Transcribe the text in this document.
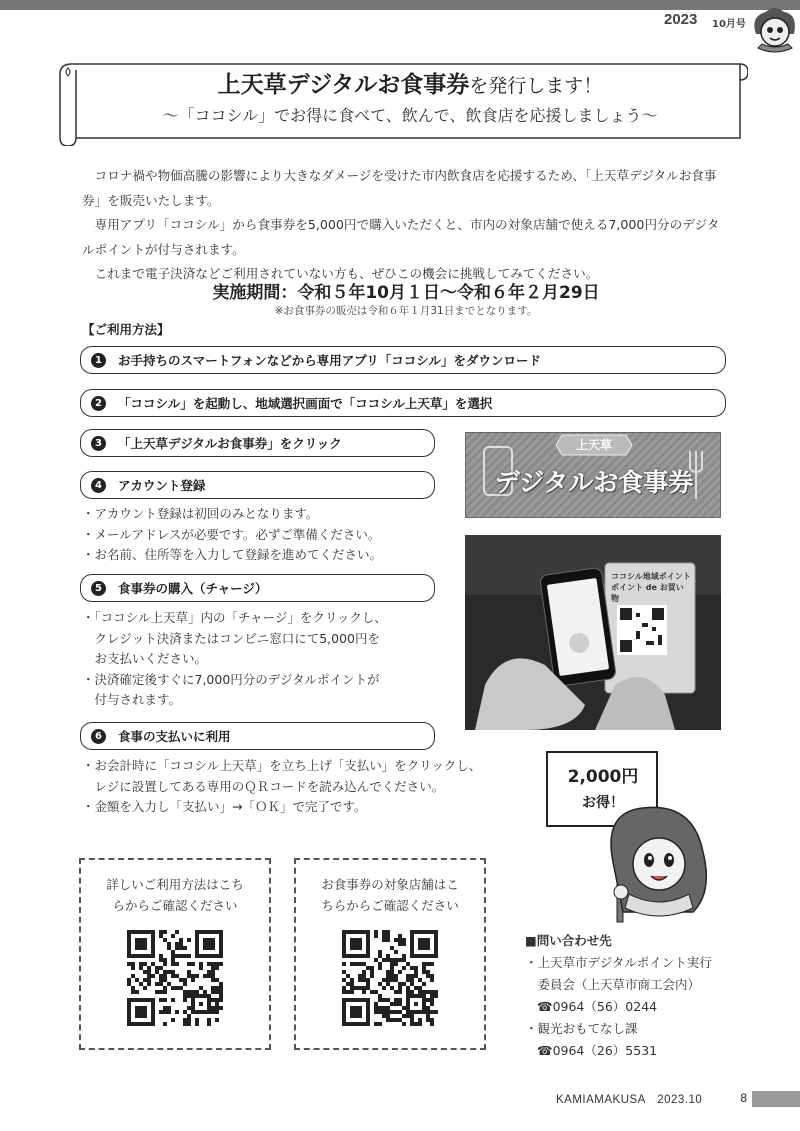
2023 10月号
上天草デジタルお食事券を発行します！
～「ココシル」でお得に食べて、飲んで、飲食店を応援しましょう～

コロナ禍や物価高騰の影響により大きなダメージを受けた市内飲食店を応援するため、「上天草デジタルお食事券」を販売いたします。

専用アプリ「ココシル」から食事券を5,000円で購入いただくと、市内の対象店舗で使える7,000円分のデジタルポイントが付与されます。

これまで電子決済などご利用されていない方も、ぜひこの機会に挑戦してみてください。

実施期間：令和５年10月１日～令和６年２月29日
※お食事券の販売は令和６年１月31日までとなります。
【ご利用方法】
1	お手持ちのスマートフォンなどから専用アプリ「ココシル」をダウンロード
2	「ココシル」を起動し、地域選択画面で「ココシル上天草」を選択
3	「上天草デジタルお食事券」をクリック
4	アカウント登録
・アカウント登録は初回のみとなります。
・メールアドレスが必要です。必ずご準備ください。
・お名前、住所等を入力して登録を進めてください。
5	食事券の購入（チャージ）
・「ココシル上天草」内の「チャージ」をクリックし、
　クレジット決済またはコンビニ窓口にて5,000円を
　お支払いください。
・決済確定後すぐに7,000円分のデジタルポイントが
　付与されます。
6	食事の支払いに利用
・お会計時に「ココシル上天草」を立ち上げ「支払い」をクリックし、
　レジに設置してある専用のＱＲコードを読み込んでください。
・金額を入力し「支払い」→「ＯＫ」で完了です。
上天草
デジタルお食事券
ココシル地域ポイント
ポイント de お買い物
2,000円
お得！
詳しいご利用方法はこち
らからご確認ください
お食事券の対象店舗はこ
ちらからご確認ください
■問い合わせ先
・上天草市デジタルポイント実行
　委員会（上天草市商工会内）
☎0964（56）0244
・観光おもてなし課
☎0964（26）5531
KAMIAMAKUSA　2023.10	8
